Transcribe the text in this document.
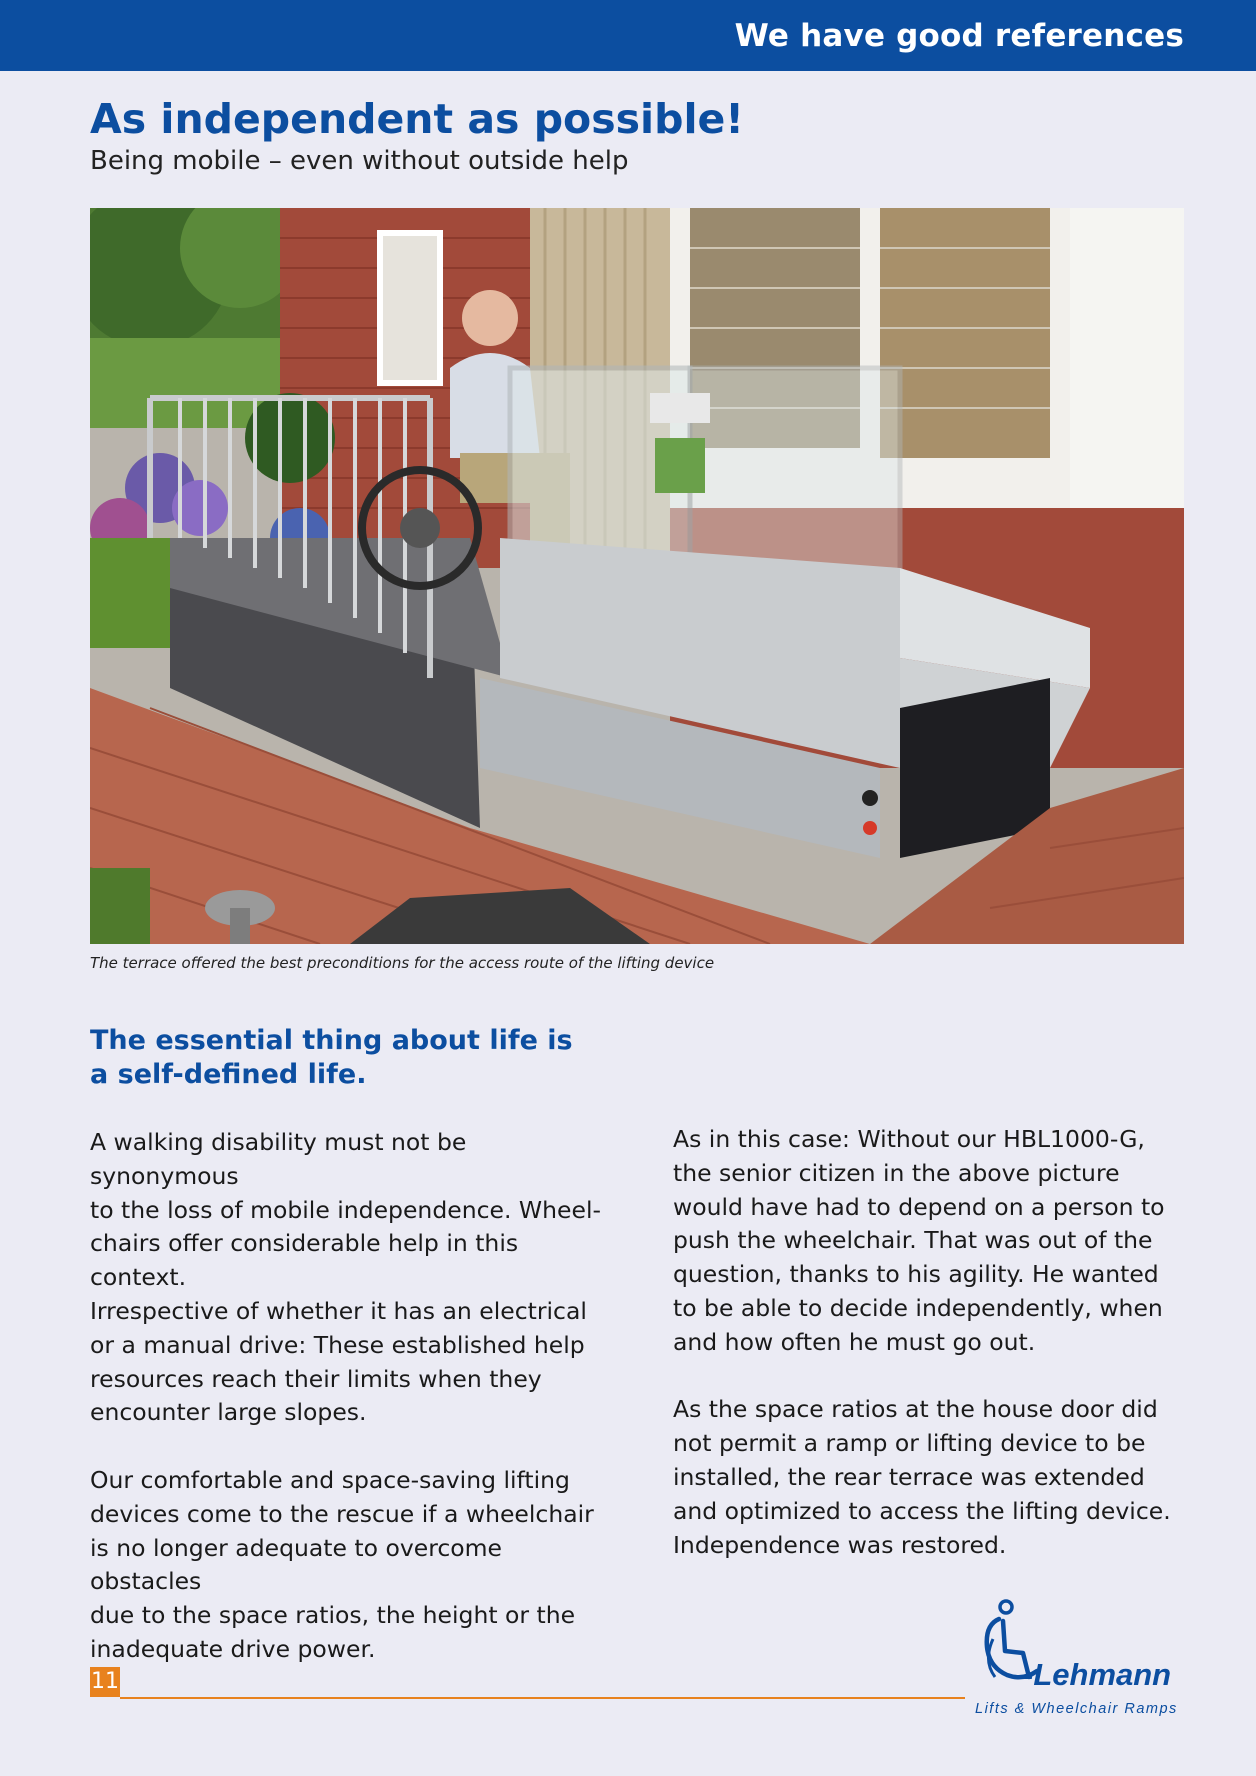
We have good references
As independent as possible!
Being mobile – even without outside help
The terrace offered the best preconditions for the access route of the lifting device
The essential thing about life is
a self-defined life.

A walking disability must not be synonymous
to the loss of mobile independence. Wheel-
chairs offer considerable help in this context.
Irrespective of whether it has an electrical
or a manual drive: These established help
resources reach their limits when they
encounter large slopes.

Our comfortable and space-saving lifting
devices come to the rescue if a wheelchair
is no longer adequate to overcome obstacles
due to the space ratios, the height or the
inadequate drive power.

As in this case: Without our HBL1000-G,
the senior citizen in the above picture
would have had to depend on a person to
push the wheelchair. That was out of the
question, thanks to his agility. He wanted
to be able to decide independently, when
and how often he must go out.

As the space ratios at the house door did
not permit a ramp or lifting device to be
installed, the rear terrace was extended
and optimized to access the lifting device.
Independence was restored.

11	-Lehmann
Lifts & Wheelchair Ramps
